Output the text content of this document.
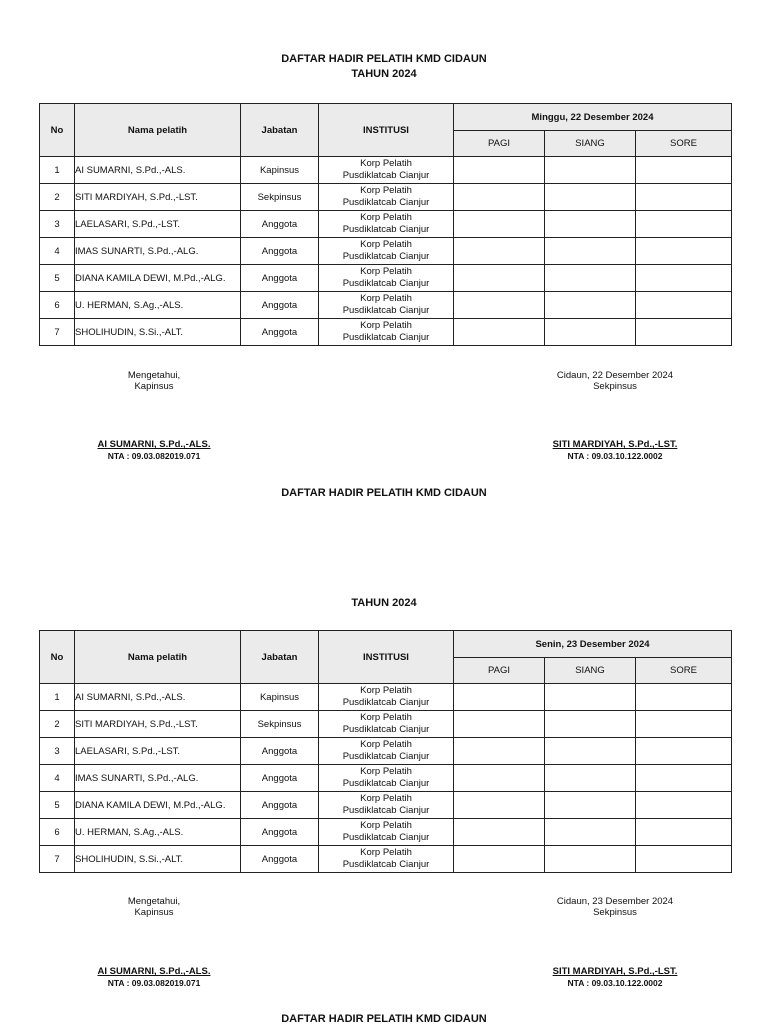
DAFTAR HADIR PELATIH KMD CIDAUN
TAHUN 2024
No	Nama pelatih	Jabatan	INSTITUSI	Minggu, 22 Desember 2024		
				PAGI	SIANG	SORE
1	AI SUMARNI, S.Pd.,-ALS.	Kapinsus	Korp Pelatih
Pusdiklatcab Cianjur			

2	SITI MARDIYAH, S.Pd.,-LST.	Sekpinsus	Korp Pelatih
Pusdiklatcab Cianjur			

3	LAELASARI, S.Pd.,-LST.	Anggota	Korp Pelatih
Pusdiklatcab Cianjur			

4	IMAS SUNARTI, S.Pd.,-ALG.	Anggota	Korp Pelatih
Pusdiklatcab Cianjur			

5	DIANA KAMILA DEWI, M.Pd.,-ALG.	Anggota	Korp Pelatih
Pusdiklatcab Cianjur			

6	U. HERMAN, S.Ag.,-ALS.	Anggota	Korp Pelatih
Pusdiklatcab Cianjur			

7	SHOLIHUDIN, S.Si.,-ALT.	Anggota	Korp Pelatih
Pusdiklatcab Cianjur			

Mengetahui,
Kapinsus
Cidaun, 22 Desember 2024
Sekpinsus
AI SUMARNI, S.Pd.,-ALS.
NTA : 09.03.082019.071
SITI MARDIYAH, S.Pd.,-LST.
NTA : 09.03.10.122.0002
DAFTAR HADIR PELATIH KMD CIDAUN
TAHUN 2024
No	Nama pelatih	Jabatan	INSTITUSI	Senin, 23 Desember 2024		
				PAGI	SIANG	SORE
1	AI SUMARNI, S.Pd.,-ALS.	Kapinsus	Korp Pelatih
Pusdiklatcab Cianjur			

2	SITI MARDIYAH, S.Pd.,-LST.	Sekpinsus	Korp Pelatih
Pusdiklatcab Cianjur			

3	LAELASARI, S.Pd.,-LST.	Anggota	Korp Pelatih
Pusdiklatcab Cianjur			

4	IMAS SUNARTI, S.Pd.,-ALG.	Anggota	Korp Pelatih
Pusdiklatcab Cianjur			

5	DIANA KAMILA DEWI, M.Pd.,-ALG.	Anggota	Korp Pelatih
Pusdiklatcab Cianjur			

6	U. HERMAN, S.Ag.,-ALS.	Anggota	Korp Pelatih
Pusdiklatcab Cianjur			

7	SHOLIHUDIN, S.Si.,-ALT.	Anggota	Korp Pelatih
Pusdiklatcab Cianjur			

Mengetahui,
Kapinsus
Cidaun, 23 Desember 2024
Sekpinsus
AI SUMARNI, S.Pd.,-ALS.
NTA : 09.03.082019.071
SITI MARDIYAH, S.Pd.,-LST.
NTA : 09.03.10.122.0002
DAFTAR HADIR PELATIH KMD CIDAUN
